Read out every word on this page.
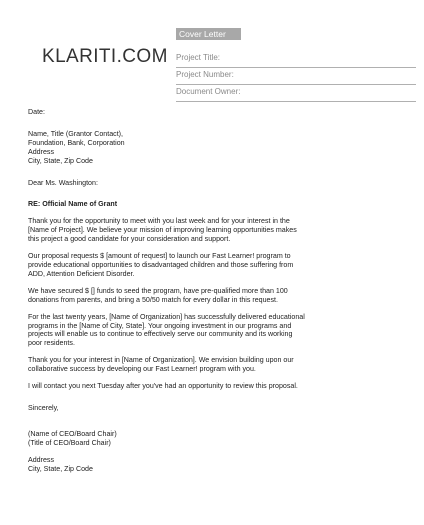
KLARITI.COM
Cover Letter
Project Title:
Project Number:
Document Owner:

Date:

Name, Title (Grantor Contact),

Foundation, Bank, Corporation

Address

City, State, Zip Code

Dear Ms. Washington:

RE: Official Name of Grant

Thank you for the opportunity to meet with you last week and for your interest in the

[Name of Project]. We believe your mission of improving learning opportunities makes

this project a good candidate for your consideration and support.

Our proposal requests $ [amount of request] to launch our Fast Learner! program to

provide educational opportunities to disadvantaged children and those suffering from

ADD, Attention Deficient Disorder.

We have secured $ [] funds to seed the program, have pre-qualified more than 100

donations from parents, and bring a 50/50 match for every dollar in this request.

For the last twenty years, [Name of Organization] has successfully delivered educational

programs in the [Name of City, State]. Your ongoing investment in our programs and

projects will enable us to continue to effectively serve our community and its working

poor residents.

Thank you for your interest in [Name of Organization]. We envision building upon our

collaborative success by developing our Fast Learner! program with you.

I will contact you next Tuesday after you've had an opportunity to review this proposal.

Sincerely,

(Name of CEO/Board Chair)

(Title of CEO/Board Chair)

Address

City, State, Zip Code
